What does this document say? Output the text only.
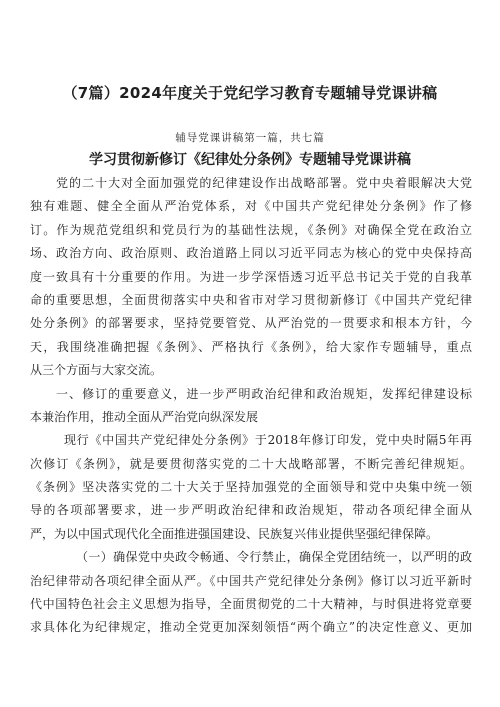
（7篇）2024年度关于党纪学习教育专题辅导党课讲稿
辅导党课讲稿第一篇，共七篇
学习贯彻新修订《纪律处分条例》专题辅导党课讲稿
党的二十大对全面加强党的纪律建设作出战略部署。党中央着眼解决大党
独有难题、健全全面从严治党体系，对《中国共产党纪律处分条例》作了修
订。作为规范党组织和党员行为的基础性法规，《条例》对确保全党在政治立
场、政治方向、政治原则、政治道路上同以习近平同志为核心的党中央保持高
度一致具有十分重要的作用。为进一步学深悟透习近平总书记关于党的自我革
命的重要思想，全面贯彻落实中央和省市对学习贯彻新修订《中国共产党纪律
处分条例》的部署要求，坚持党要管党、从严治党的一贯要求和根本方针，今
天，我围绕准确把握《条例》、严格执行《条例》，给大家作专题辅导，重点
从三个方面与大家交流。
一、修订的重要意义，进一步严明政治纪律和政治规矩，发挥纪律建设标
本兼治作用，推动全面从严治党向纵深发展
现行《中国共产党纪律处分条例》于2018年修订印发，党中央时隔5年再
次修订《条例》，就是要贯彻落实党的二十大战略部署，不断完善纪律规矩。
《条例》坚决落实党的二十大关于坚持加强党的全面领导和党中央集中统一领
导的各项部署要求，进一步严明政治纪律和政治规矩，带动各项纪律全面从
严，为以中国式现代化全面推进强国建设、民族复兴伟业提供坚强纪律保障。
（一）确保党中央政令畅通、令行禁止，确保全党团结统一，以严明的政
治纪律带动各项纪律全面从严。《中国共产党纪律处分条例》修订以习近平新时
代中国特色社会主义思想为指导，全面贯彻党的二十大精神，与时俱进将党章要
求具体化为纪律规定，推动全党更加深刻领悟“两个确立”的决定性意义、更加
